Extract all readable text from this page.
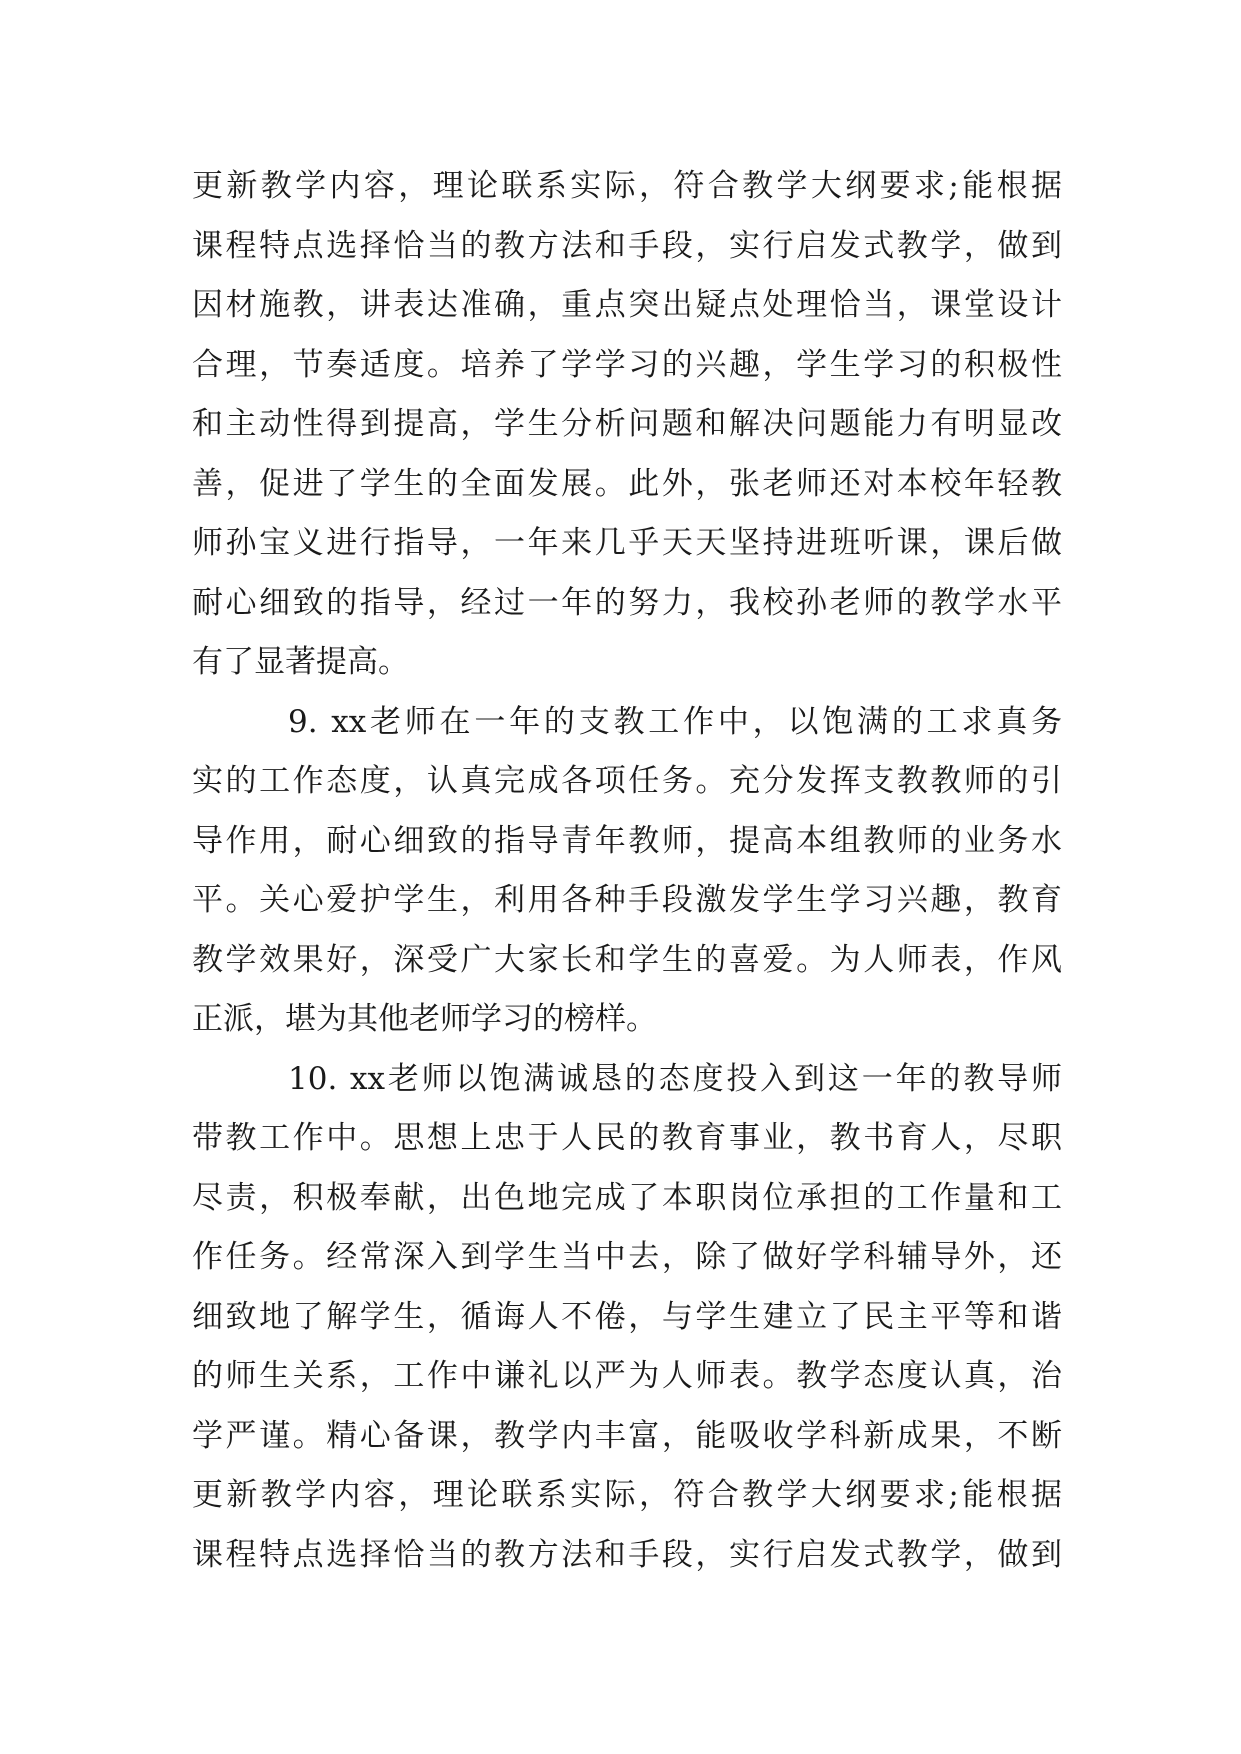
更新教学内容，理论联系实际，符合教学大纲要求;能根据
课程特点选择恰当的教方法和手段，实行启发式教学，做到
因材施教，讲表达准确，重点突出疑点处理恰当，课堂设计
合理，节奏适度。培养了学学习的兴趣，学生学习的积极性
和主动性得到提高，学生分析问题和解决问题能力有明显改
善，促进了学生的全面发展。此外，张老师还对本校年轻教
师孙宝义进行指导，一年来几乎天天坚持进班听课，课后做
耐心细致的指导，经过一年的努力，我校孙老师的教学水平
有了显著提高。
9. xx老师在一年的支教工作中，以饱满的工求真务
实的工作态度，认真完成各项任务。充分发挥支教教师的引
导作用，耐心细致的指导青年教师，提高本组教师的业务水
平。关心爱护学生，利用各种手段激发学生学习兴趣，教育
教学效果好，深受广大家长和学生的喜爱。为人师表，作风
正派，堪为其他老师学习的榜样。
10. xx老师以饱满诚恳的态度投入到这一年的教导师
带教工作中。思想上忠于人民的教育事业，教书育人，尽职
尽责，积极奉献，出色地完成了本职岗位承担的工作量和工
作任务。经常深入到学生当中去，除了做好学科辅导外，还
细致地了解学生，循诲人不倦，与学生建立了民主平等和谐
的师生关系，工作中谦礼以严为人师表。教学态度认真，治
学严谨。精心备课，教学内丰富，能吸收学科新成果，不断
更新教学内容，理论联系实际，符合教学大纲要求;能根据
课程特点选择恰当的教方法和手段，实行启发式教学，做到
